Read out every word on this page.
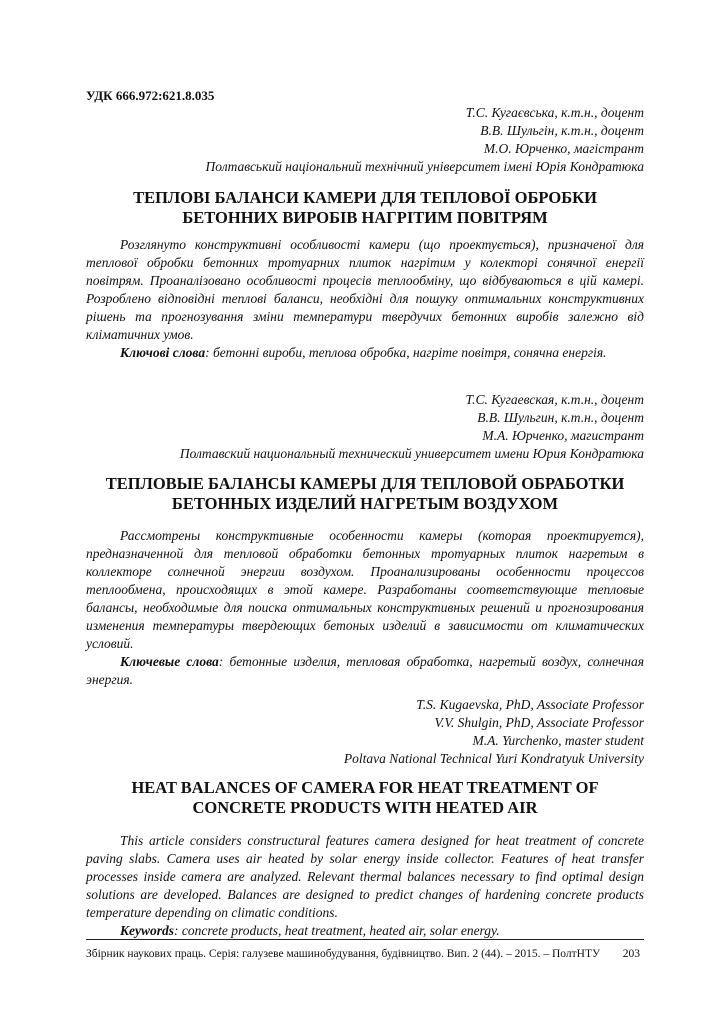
УДК 666.972:621.8.035
Т.С. Кугаєвська, к.т.н., доцент
В.В. Шульгін, к.т.н., доцент
М.О. Юрченко, магістрант
Полтавський національний технічний університет імені Юрія Кондратюка
ТЕПЛОВІ БАЛАНСИ КАМЕРИ ДЛЯ ТЕПЛОВОЇ ОБРОБКИ
БЕТОННИХ ВИРОБІВ НАГРІТИМ ПОВІТРЯМ

Розглянуто конструктивні особливості камери (що проектується), призначеної для теплової обробки бетонних тротуарних плиток нагрітим у колекторі сонячної енергії повітрям. Проаналізовано особливості процесів теплообміну, що відбуваються в цій камері. Розроблено відповідні теплові баланси, необхідні для пошуку оптимальних конструктивних рішень та прогнозування зміни температури твердучих бетонних виробів залежно від кліматичних умов.

Ключові слова: бетонні вироби, теплова обробка, нагріте повітря, сонячна енергія.

Т.С. Кугаевская, к.т.н., доцент
В.В. Шульгин, к.т.н., доцент
М.А. Юрченко, магистрант
Полтавский национальный технический университет имени Юрия Кондратюка
ТЕПЛОВЫЕ БАЛАНСЫ КАМЕРЫ ДЛЯ ТЕПЛОВОЙ ОБРАБОТКИ
БЕТОННЫХ ИЗДЕЛИЙ НАГРЕТЫМ ВОЗДУХОМ

Рассмотрены конструктивные особенности камеры (которая проектируется), предназначенной для тепловой обработки бетонных тротуарных плиток нагретым в коллекторе солнечной энергии воздухом. Проанализированы особенности процессов теплообмена, происходящих в этой камере. Разработаны соответствующие тепловые балансы, необходимые для поиска оптимальных конструктивных решений и прогнозирования изменения температуры твердеющих бетоных изделий в зависимости от климатических условий.

Ключевые слова: бетонные изделия, тепловая обработка, нагретый воздух, солнечная энергия.

T.S. Kugaevska, PhD, Associate Professor
V.V. Shulgin, PhD, Associate Professor
M.A. Yurchenko, master student
Poltava National Technical Yuri Kondratyuk University
HEAT BALANCES OF CAMERA FOR HEAT TREATMENT OF
CONCRETE PRODUCTS WITH HEATED AIR

This article considers constructural features camera designed for heat treatment of concrete paving slabs. Camera uses air heated by solar energy inside collector. Features of heat transfer processes inside camera are analyzed. Relevant thermal balances necessary to find optimal design solutions are developed. Balances are designed to predict changes of hardening concrete products temperature depending on climatic conditions.

Keywords: concrete products, heat treatment, heated air, solar energy.

Збірник наукових праць. Серія: галузеве машинобудування, будівництво. Вип. 2 (44). – 2015. – ПолтНТУ 203
